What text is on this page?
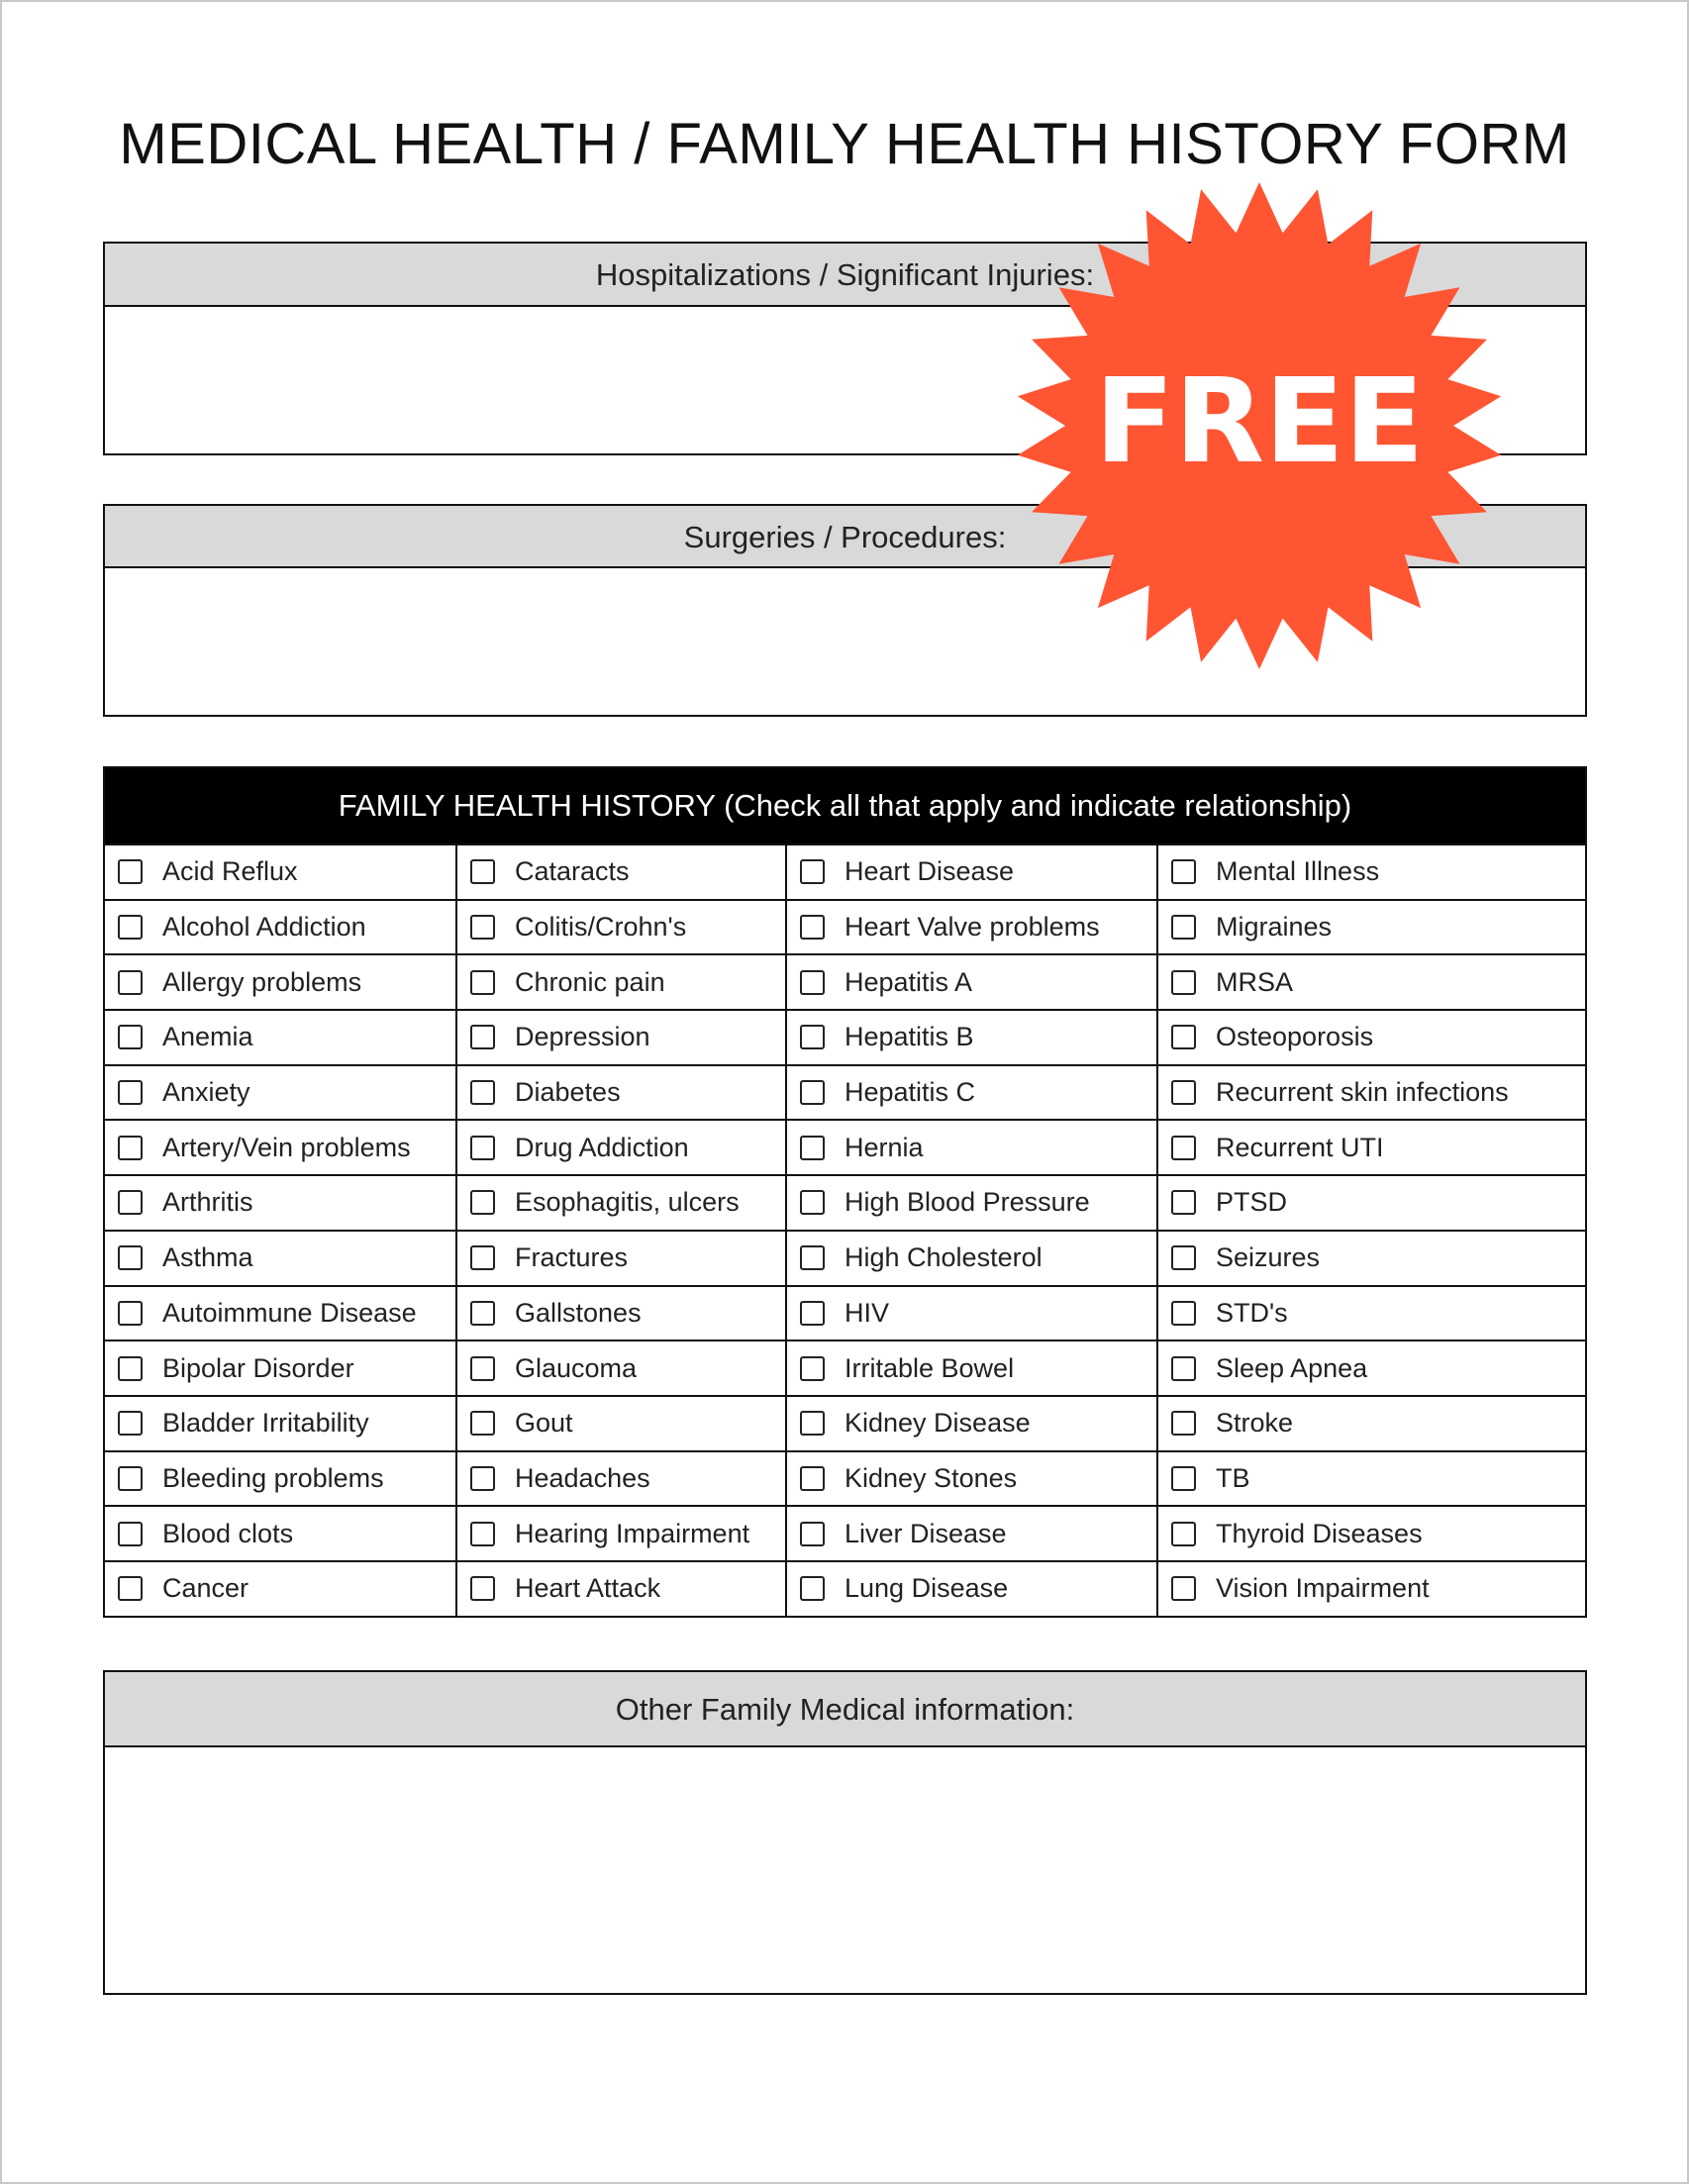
MEDICAL HEALTH / FAMILY HEALTH HISTORY FORM
Hospitalizations / Significant Injuries:
Surgeries / Procedures:
FAMILY HEALTH HISTORY (Check all that apply and indicate relationship)
Acid Reflux	Cataracts	Heart Disease	Mental Illness

Alcohol Addiction	Colitis/Crohn's	Heart Valve problems	Migraines

Allergy problems	Chronic pain	Hepatitis A	MRSA

Anemia	Depression	Hepatitis B	Osteoporosis

Anxiety	Diabetes	Hepatitis C	Recurrent skin infections

Artery/Vein problems	Drug Addiction	Hernia	Recurrent UTI

Arthritis	Esophagitis, ulcers	High Blood Pressure	PTSD

Asthma	Fractures	High Cholesterol	Seizures

Autoimmune Disease	Gallstones	HIV	STD's

Bipolar Disorder	Glaucoma	Irritable Bowel	Sleep Apnea

Bladder Irritability	Gout	Kidney Disease	Stroke

Bleeding problems	Headaches	Kidney Stones	TB

Blood clots	Hearing Impairment	Liver Disease	Thyroid Diseases

Cancer	Heart Attack	Lung Disease	Vision Impairment
Other Family Medical information:
FREE
